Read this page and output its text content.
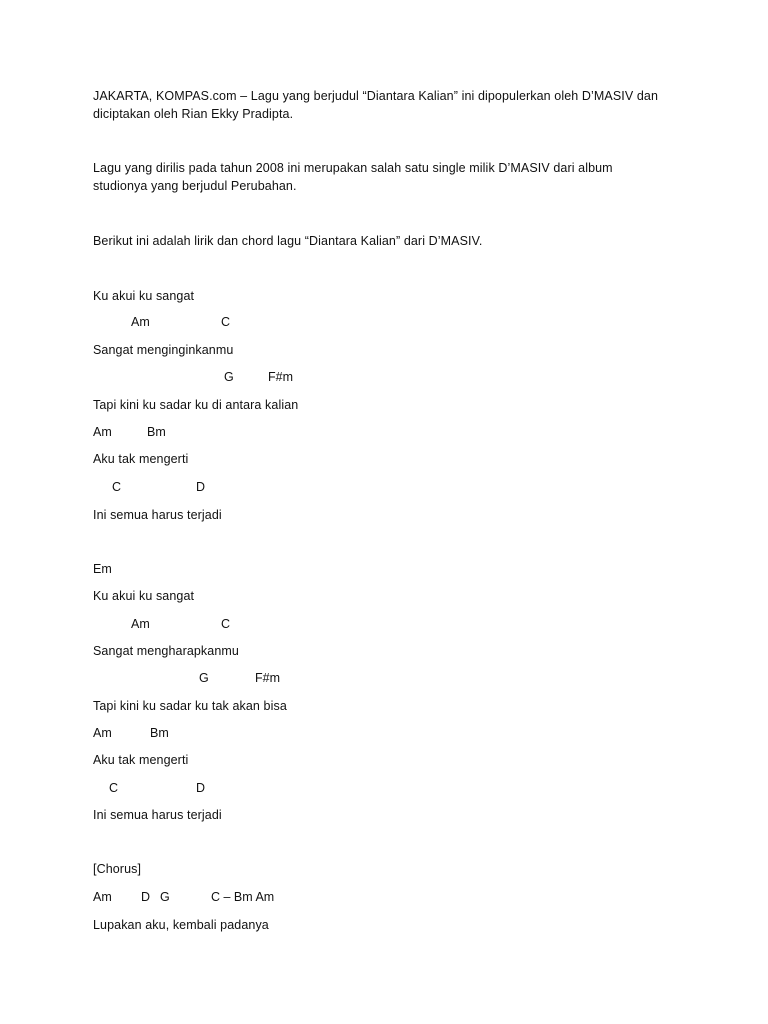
JAKARTA, KOMPAS.com – Lagu yang berjudul “Diantara Kalian” ini dipopulerkan oleh D’MASIV dan
diciptakan oleh Rian Ekky Pradipta.
Lagu yang dirilis pada tahun 2008 ini merupakan salah satu single milik D’MASIV dari album
studionya yang berjudul Perubahan.
Berikut ini adalah lirik dan chord lagu “Diantara Kalian” dari D’MASIV.
Ku akui ku sangat
Am	C
Sangat menginginkanmu
G	F#m
Tapi kini ku sadar ku di antara kalian
Am	Bm
Aku tak mengerti
C	D
Ini semua harus terjadi
Em
Ku akui ku sangat
Am	C
Sangat mengharapkanmu
G	F#m
Tapi kini ku sadar ku tak akan bisa
Am	Bm
Aku tak mengerti
C	D
Ini semua harus terjadi
[Chorus]
Am D G	C – Bm Am
Lupakan aku, kembali padanya
